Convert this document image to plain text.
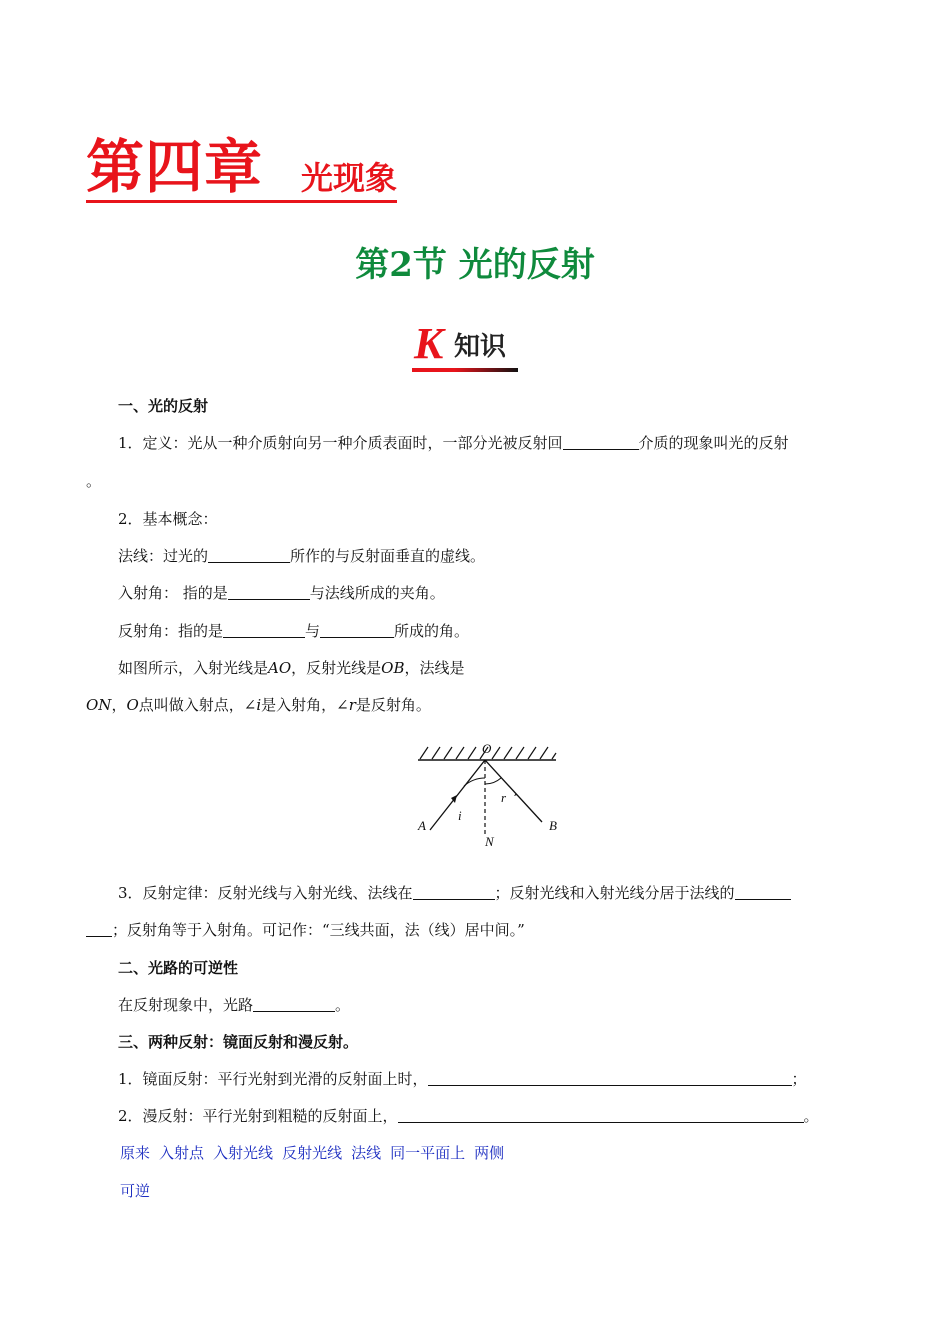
第四章 光现象
第2节 光的反射
K 知识
一、光的反射
1．定义：光从一种介质射向另一种介质表面时，一部分光被反射回	介质的现象叫光的反射
。
2．基本概念：
法线：过光的	所作的与反射面垂直的虚线。
入射角： 指的是	与法线所成的夹角。
反射角：指的是	与	所成的角。
如图所示，入射光线是AO，反射光线是OB，法线是
ON，O点叫做入射点，∠i是入射角，∠r是反射角。
O
A	B
N
i
r
3．反射定律：反射光线与入射光线、法线在	；反射光线和入射光线分居于法线的
；反射角等于入射角。可记作：“三线共面，法（线）居中间。”
二、光路的可逆性
在反射现象中，光路	。
三、两种反射：镜面反射和漫反射。
1．镜面反射：平行光射到光滑的反射面上时，	；
2．漫反射：平行光射到粗糙的反射面上，	。
原来 入射点 入射光线 反射光线 法线 同一平面上 两侧
可逆
